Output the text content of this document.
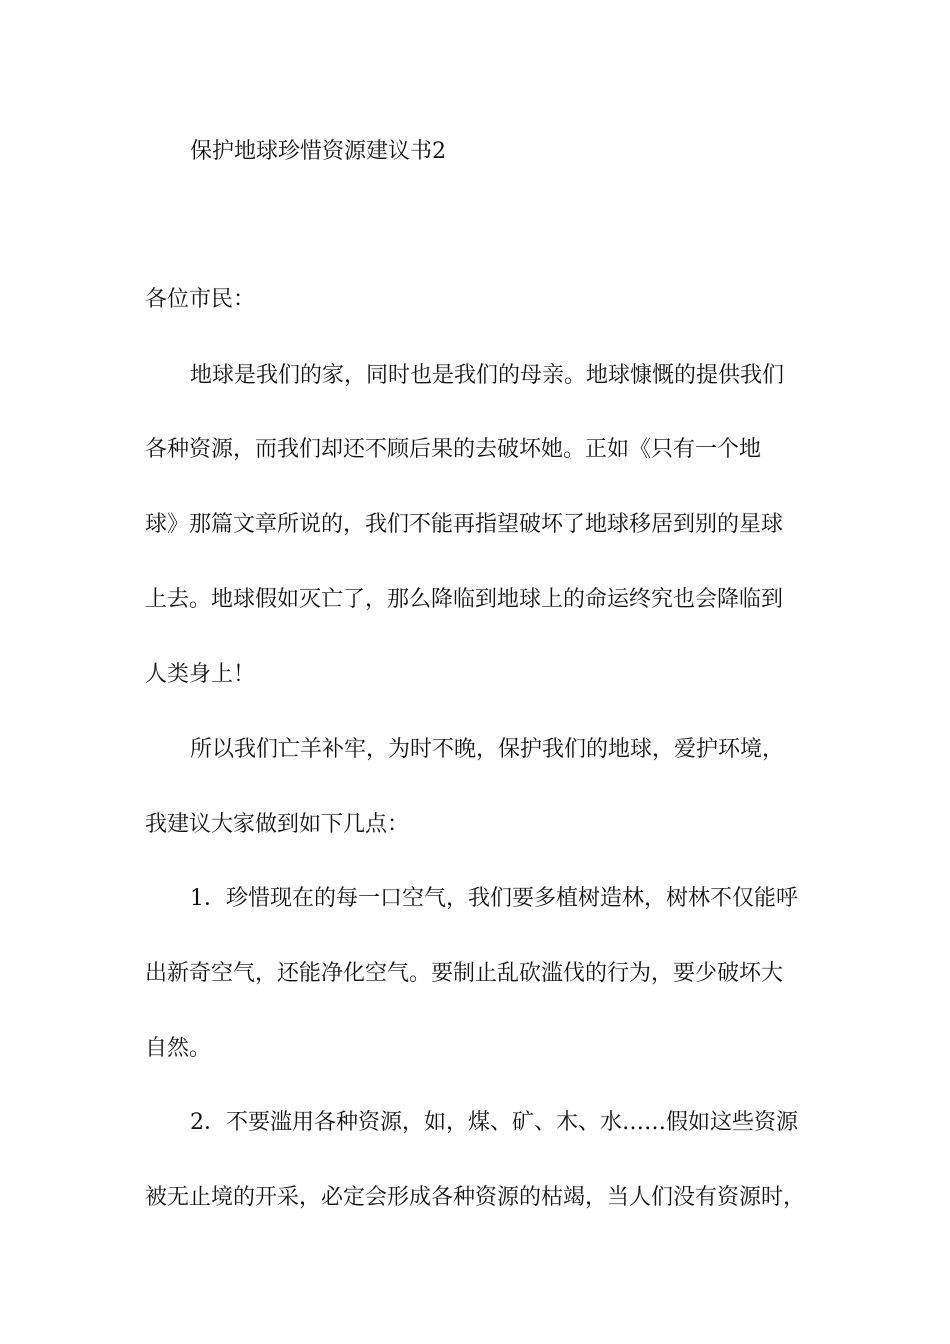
保护地球珍惜资源建议书2
各位市民：
地球是我们的家，同时也是我们的母亲。地球慷慨的提供我们
各种资源，而我们却还不顾后果的去破坏她。正如《只有一个地
球》那篇文章所说的，我们不能再指望破坏了地球移居到别的星球
上去。地球假如灭亡了，那么降临到地球上的命运终究也会降临到
人类身上！
所以我们亡羊补牢，为时不晚，保护我们的地球，爱护环境，
我建议大家做到如下几点：
1．珍惜现在的每一口空气，我们要多植树造林，树林不仅能呼
出新奇空气，还能净化空气。要制止乱砍滥伐的行为，要少破坏大
自然。
2．不要滥用各种资源，如，煤、矿、木、水……假如这些资源
被无止境的开采，必定会形成各种资源的枯竭，当人们没有资源时，
